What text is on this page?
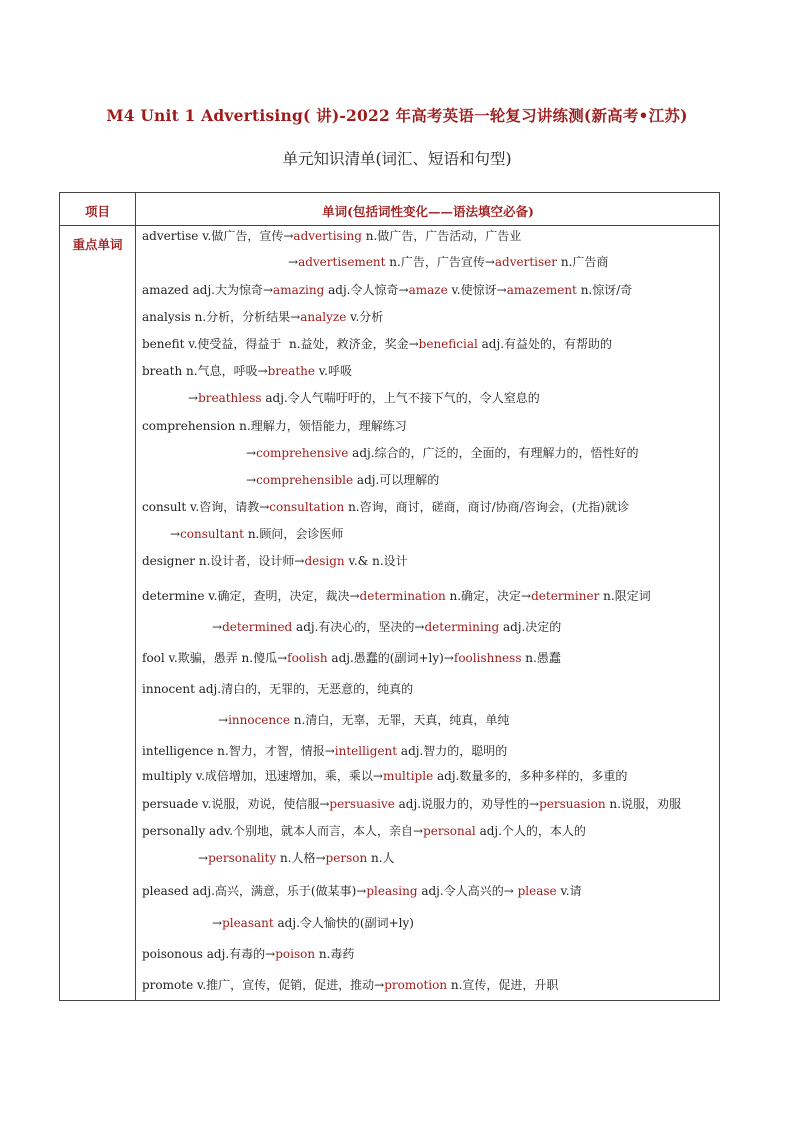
M4 Unit 1 Advertising( 讲)-2022 年高考英语一轮复习讲练测(新高考•江苏)
单元知识清单(词汇、短语和句型)
项目	单词(包括词性变化——语法填空必备)
重点单词
advertise v.做广告，宣传→advertising n.做广告，广告活动，广告业
→advertisement n.广告，广告宣传→advertiser n.广告商
amazed adj.大为惊奇→amazing adj.令人惊奇→amaze v.使惊讶→amazement n.惊讶/奇
analysis n.分析，分析结果→analyze v.分析
benefit v.使受益，得益于  n.益处，救济金，奖金→beneficial adj.有益处的，有帮助的
breath n.气息，呼吸→breathe v.呼吸
→breathless adj.令人气喘吁吁的，上气不接下气的，令人窒息的
comprehension n.理解力，领悟能力，理解练习
→comprehensive adj.综合的，广泛的，全面的，有理解力的，悟性好的
→comprehensible adj.可以理解的
consult v.咨询，请教→consultation n.咨询，商讨，磋商，商讨/协商/咨询会，(尤指)就诊
→consultant n.顾问，会诊医师
designer n.设计者，设计师→design v.& n.设计
determine v.确定，查明，决定，裁决→determination n.确定，决定→determiner n.限定词
→determined adj.有决心的，坚决的→determining adj.决定的
fool v.欺骗，愚弄 n.傻瓜→foolish adj.愚蠢的(副词+ly)→foolishness n.愚蠢
innocent adj.清白的，无罪的，无恶意的，纯真的
→innocence n.清白，无辜，无罪，天真，纯真，单纯
intelligence n.智力，才智，情报→intelligent adj.智力的，聪明的
multiply v.成倍增加，迅速增加，乘，乘以→multiple adj.数量多的，多种多样的，多重的
persuade v.说服，劝说，使信服→persuasive adj.说服力的，劝导性的→persuasion n.说服，劝服
personally adv.个别地，就本人而言，本人，亲自→personal adj.个人的，本人的
→personality n.人格→person n.人
pleased adj.高兴，满意，乐于(做某事)→pleasing adj.令人高兴的→ please v.请
→pleasant adj.令人愉快的(副词+ly)
poisonous adj.有毒的→poison n.毒药
promote v.推广，宣传，促销，促进，推动→promotion n.宣传，促进，升职
